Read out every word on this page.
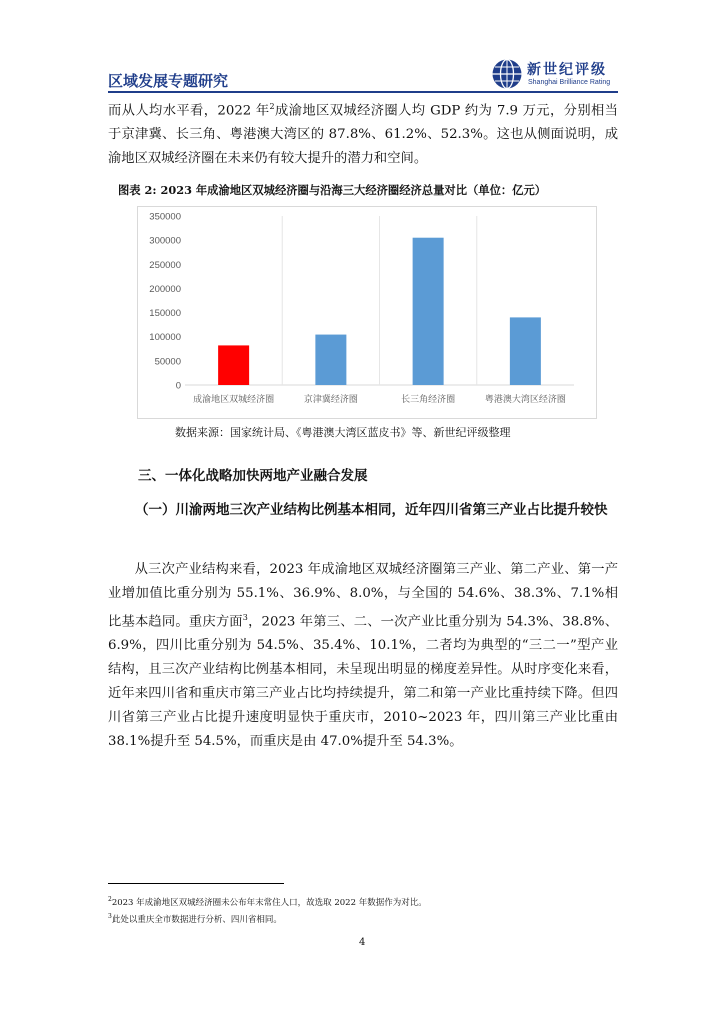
区域发展专题研究
新世纪评级
Shanghai Brilliance Rating

而从人均水平看，2022 年$^2$成渝地区双城经济圈人均 GDP 约为 7.9 万元，分别相当于京津冀、长三角、粤港澳大湾区的 87.8%、61.2%、52.3%。这也从侧面说明，成渝地区双城经济圈在未来仍有较大提升的潜力和空间。

图表 2: 2023 年成渝地区双城经济圈与沿海三大经济圈经济总量对比（单位：亿元）
0
50000
100000
150000
200000
250000
300000
350000
成渝地区双城经济圈	京津冀经济圈	长三角经济圈	粤港澳大湾区经济圈
数据来源：国家统计局、《粤港澳大湾区蓝皮书》等、新世纪评级整理
三、一体化战略加快两地产业融合发展

（一）川渝两地三次产业结构比例基本相同，近年四川省第三产业占比提升较快

从三次产业结构来看，2023 年成渝地区双城经济圈第三产业、第二产业、第一产业增加值比重分别为 55.1%、36.9%、8.0%，与全国的 54.6%、38.3%、7.1%相比基本趋同。重庆方面$^3$，2023 年第三、二、一次产业比重分别为 54.3%、38.8%、6.9%，四川比重分别为 54.5%、35.4%、10.1%，二者均为典型的“三二一”型产业结构，且三次产业结构比例基本相同，未呈现出明显的梯度差异性。从时序变化来看，近年来四川省和重庆市第三产业占比均持续提升，第二和第一产业比重持续下降。但四川省第三产业占比提升速度明显快于重庆市，2010~2023 年，四川第三产业比重由 38.1%提升至 54.5%，而重庆是由 47.0%提升至 54.3%。

$^2$2023 年成渝地区双城经济圈未公布年末常住人口，故选取 2022 年数据作为对比。
$^3$此处以重庆全市数据进行分析、四川省相同。
4
